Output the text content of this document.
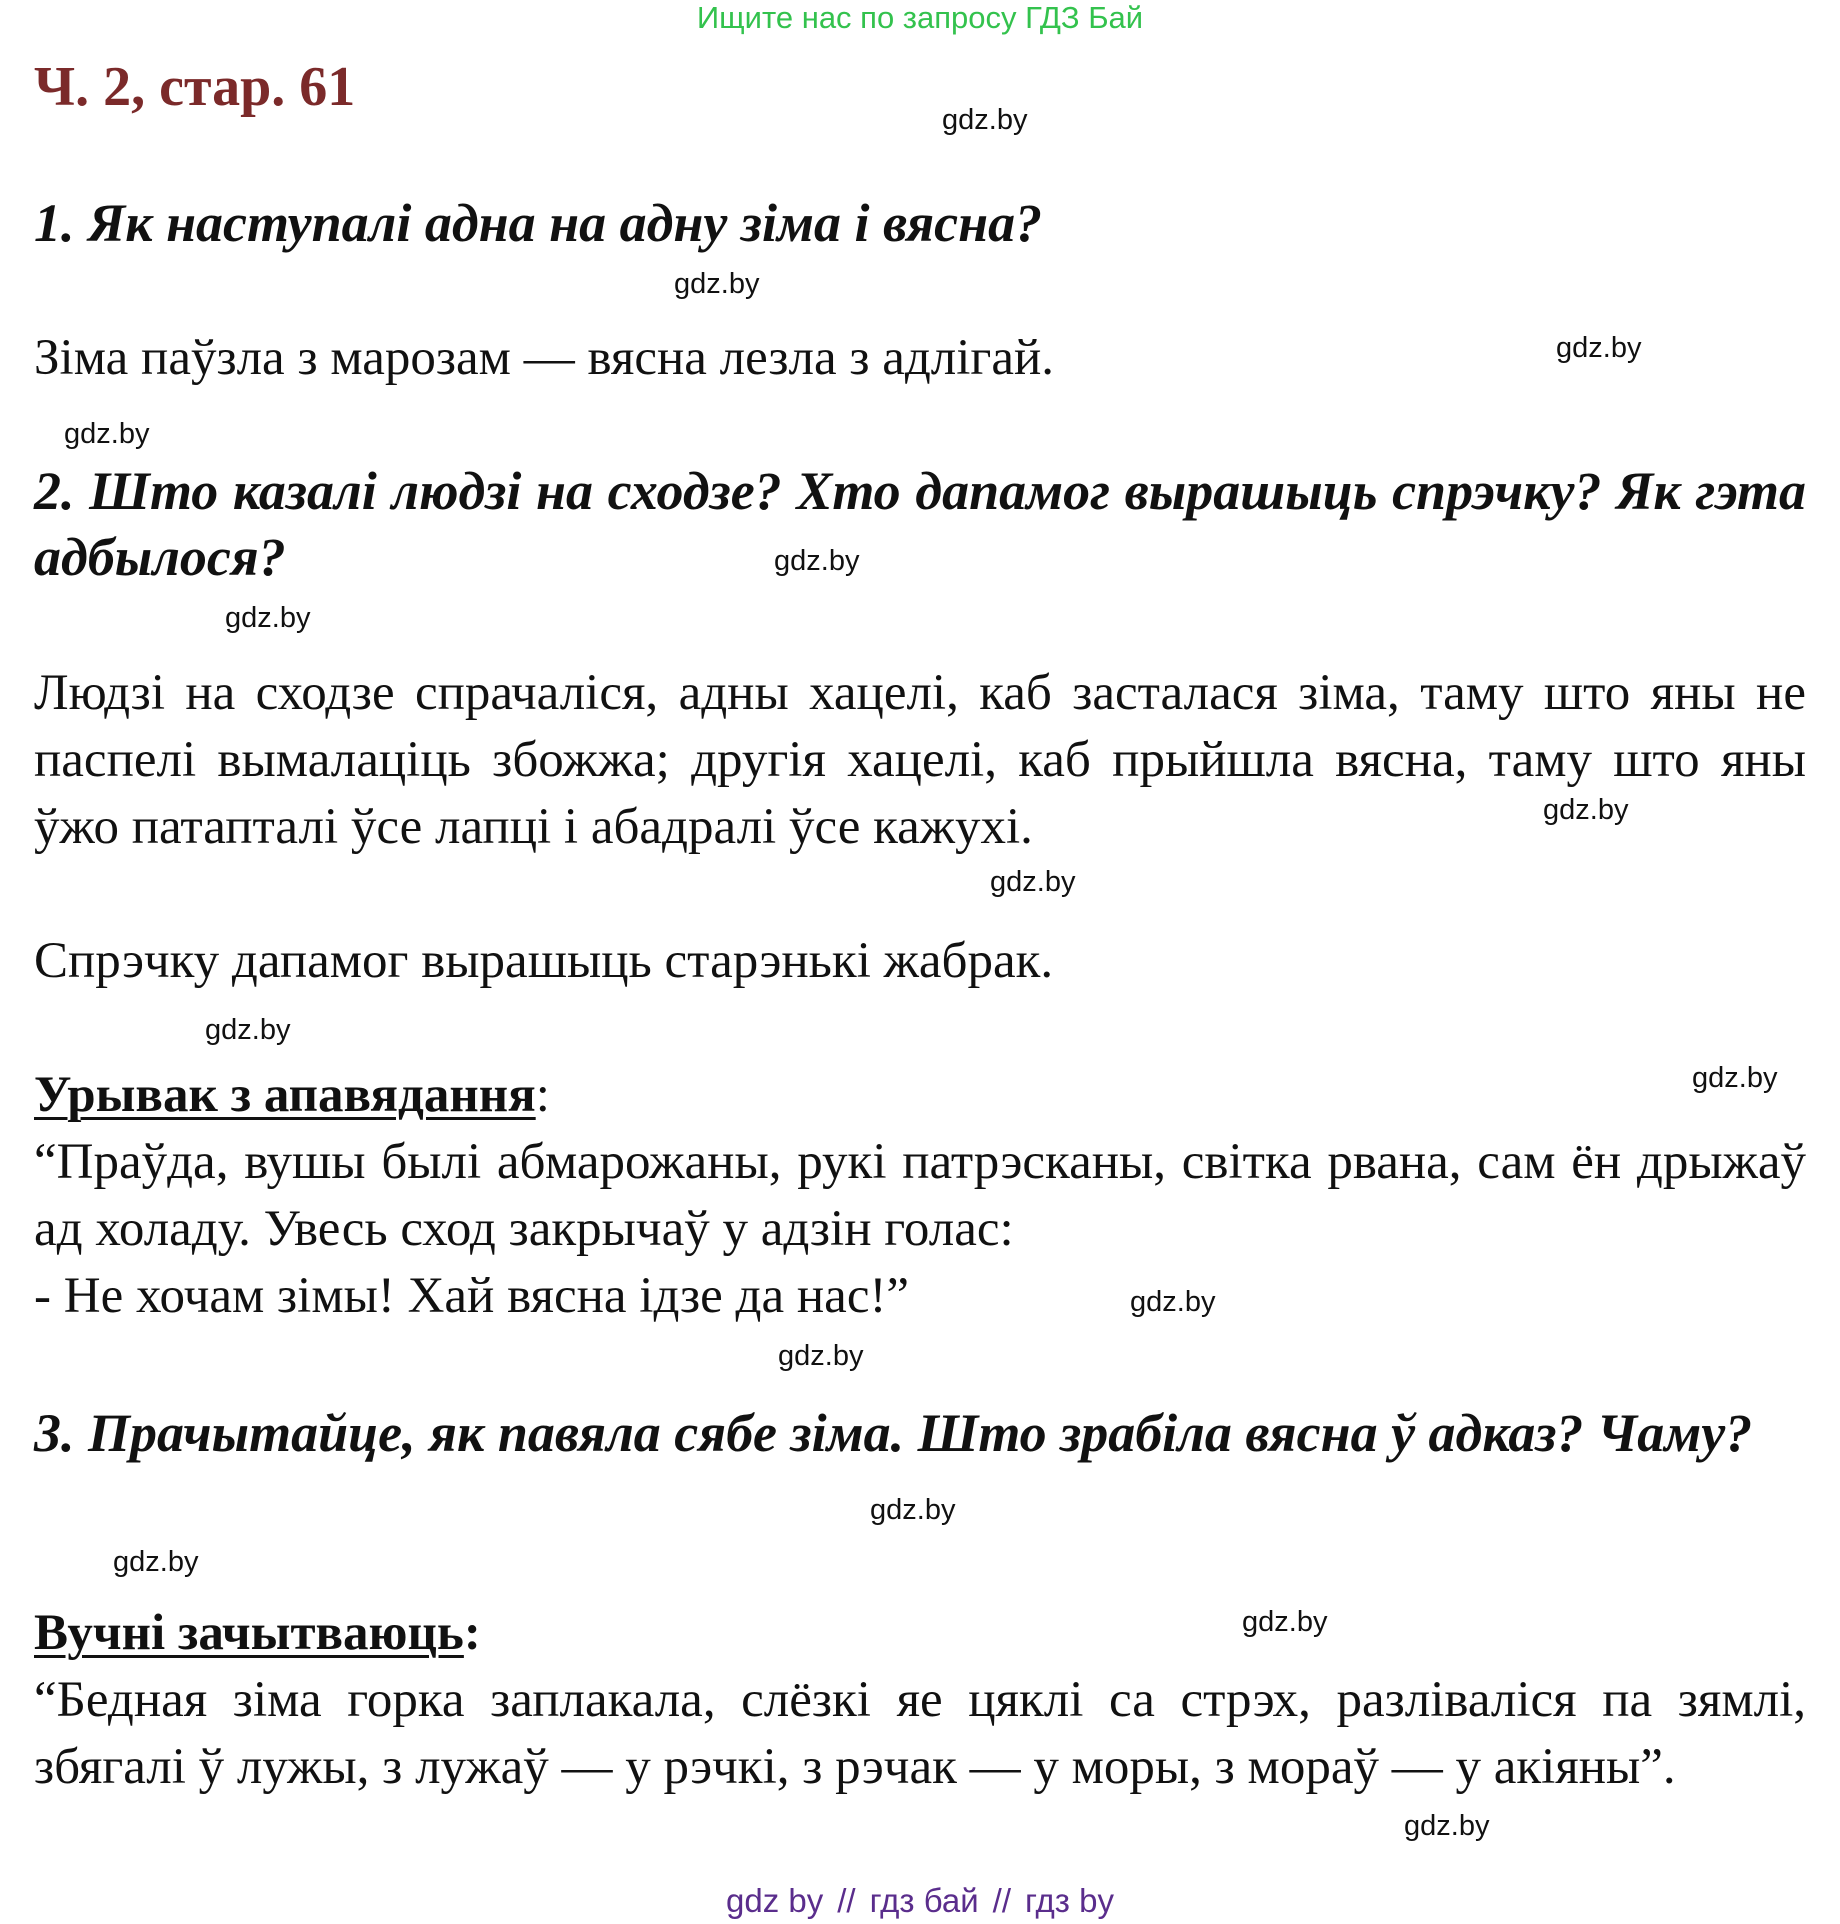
Ищите нас по запросу ГДЗ Бай
Ч. 2, стар. 61
gdz.by
gdz.by
gdz.by
gdz.by
gdz.by
gdz.by
gdz.by
gdz.by
gdz.by
gdz.by
gdz.by
gdz.by
gdz.by
gdz.by
gdz.by
gdz.by
1. Як наступалі адна на адну зіма і вясна?
Зіма паўзла з марозам — вясна лезла з адлігай.
2. Што казалі людзі на сходзе? Хто дапамог вырашыць спрэчку? Як гэта адбылося?
Людзі на сходзе спрачаліся, адны хацелі, каб засталася зіма, таму што яны не паспелі вымалаціць збожжа; другія хацелі, каб прыйшла вясна, таму што яны ўжо патапталі ўсе лапці і абадралі ўсе кажухі.
Спрэчку дапамог вырашыць старэнькі жабрак.
Урывак з апавядання:
“Праўда, вушы былі абмарожаны, рукі патрэсканы, світка рвана, сам ён дрыжаў ад холаду. Увесь сход закрычаў у адзін голас:
- Не хочам зімы! Хай вясна ідзе да нас!”
3. Прачытайце, як павяла сябе зіма. Што зрабіла вясна ў адказ? Чаму?
Вучні зачытваюць:
“Бедная зіма горка заплакала, слёзкі яе цяклі са стрэх, разліваліся па зямлі, збягалі ў лужы, з лужаў — у рэчкі, з рэчак — у моры, з мораў — у акіяны”.
gdz by // гдз бай // гдз by
